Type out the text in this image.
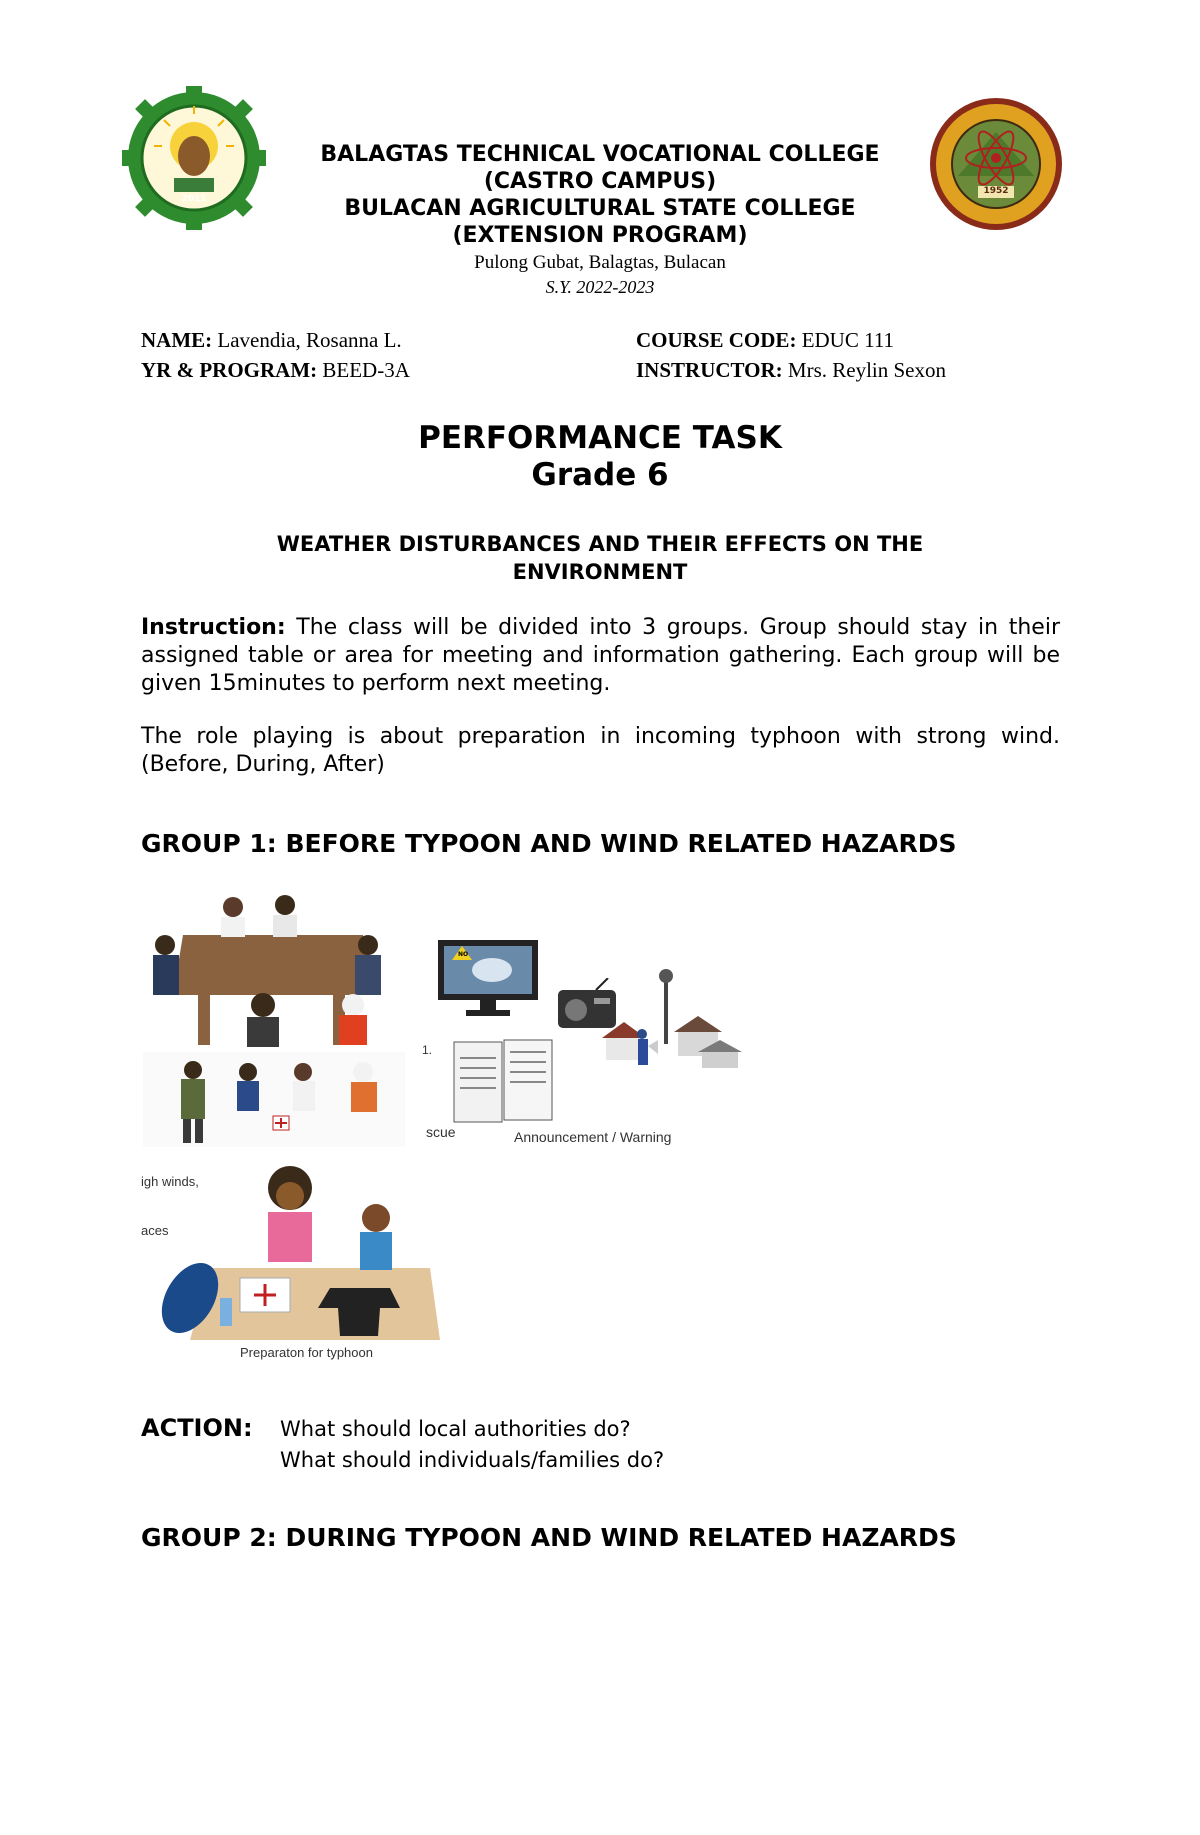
2011
1952
BALAGTAS TECHNICAL VOCATIONAL COLLEGE
(CASTRO CAMPUS)
BULACAN AGRICULTURAL STATE COLLEGE
(EXTENSION PROGRAM)
Pulong Gubat, Balagtas, Bulacan
S.Y. 2022-2023
NAME: Lavendia, Rosanna L.
YR & PROGRAM: BEED-3A
COURSE CODE: EDUC 111
INSTRUCTOR: Mrs. Reylin Sexon
PERFORMANCE TASK
Grade 6
WEATHER DISTURBANCES AND THEIR EFFECTS ON THE
ENVIRONMENT
Instruction: The class will be divided into 3 groups. Group should stay in their assigned table or area for meeting and information gathering. Each group will be given 15minutes to perform next meeting.
The role playing is about preparation in incoming typhoon with strong wind. (Before, During, After)
GROUP 1: BEFORE TYPOON AND WIND RELATED HAZARDS
NO
1.
scue	Announcement / Warning
igh winds,
aces
Preparaton for typhoon
ACTION: What should local authorities do?
What should individuals/families do?
GROUP 2: DURING TYPOON AND WIND RELATED HAZARDS
